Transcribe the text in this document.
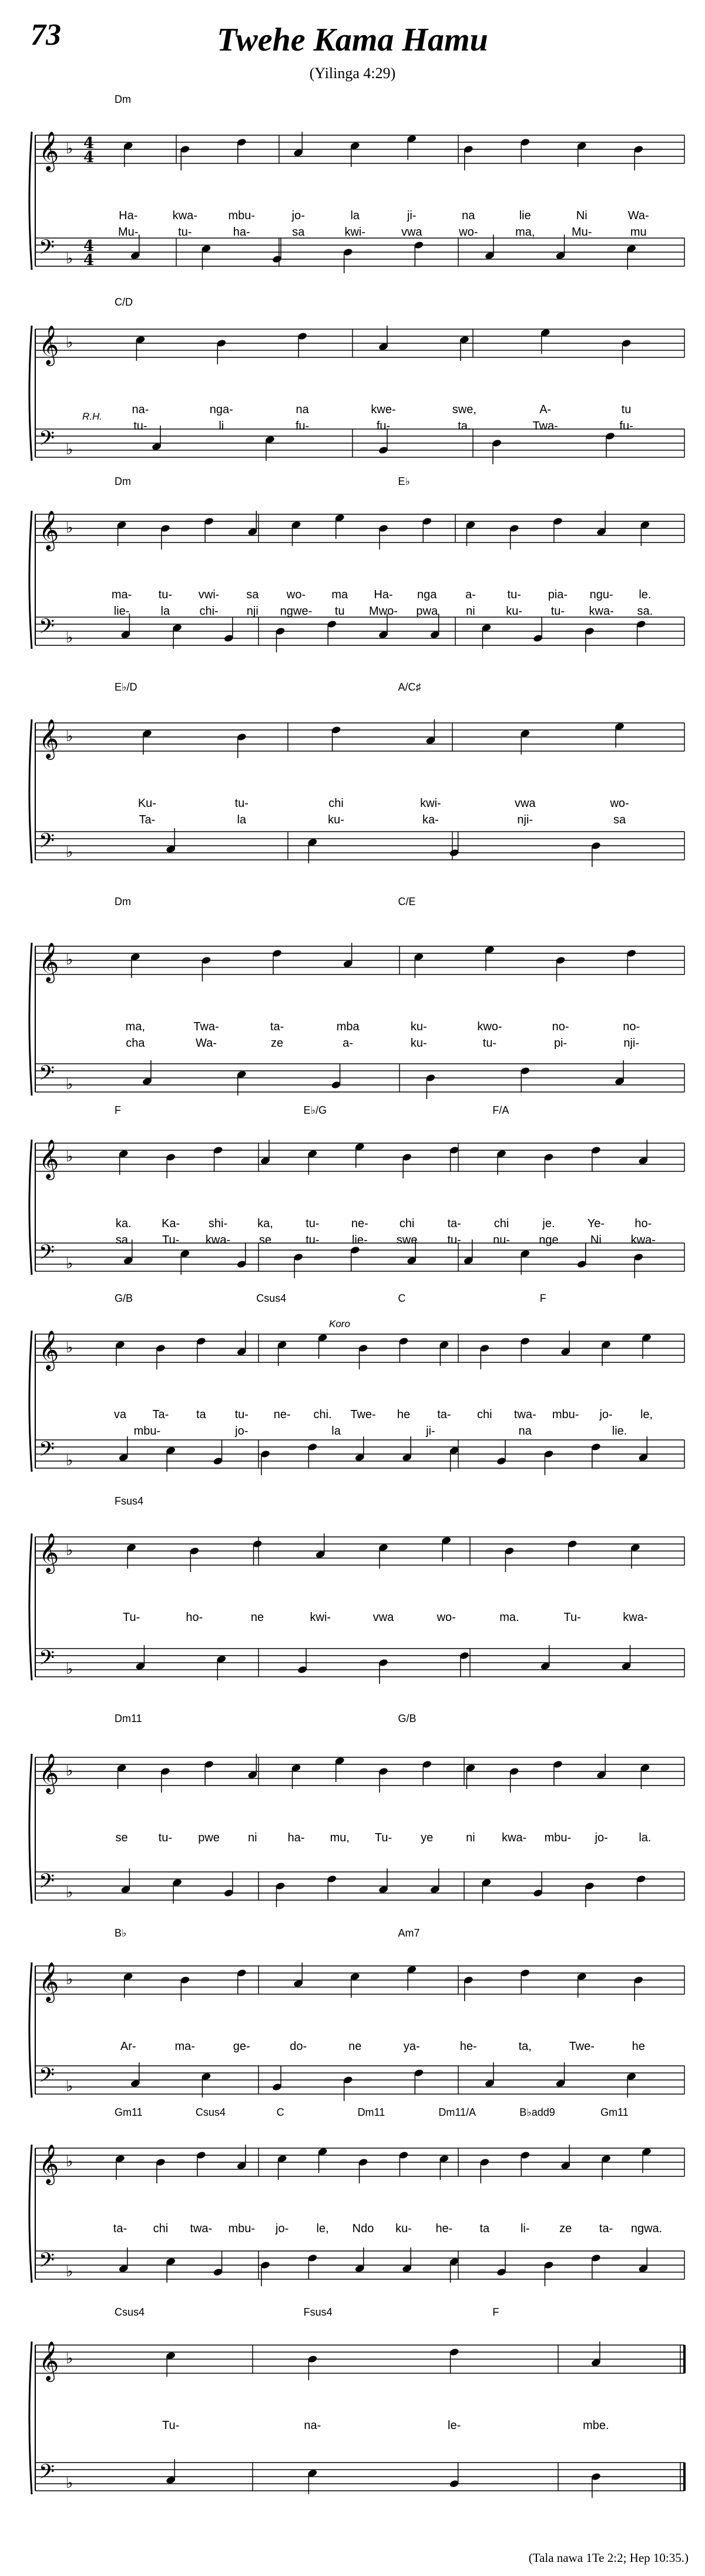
73	Twehe Kama Hamu
(Yilinga 4:29)
𝄞 ♭
𝄢 ♭
4
4
4
4
Dm
Ha-	kwa-	mbu-	jo-	la	ji-	na	lie	Ni	Wa-
Mu-	tu-	ha-	sa	kwi-	vwa	wo-	ma,	Mu-	mu
𝄞 ♭
𝄢 ♭
C/D
R.H.
na-	nga-	na	kwe-	swe,	A-	tu
tu-	li	fu-	fu-	ta.	Twa-	fu-
𝄞 ♭
𝄢 ♭
Dm	E♭
ma- tu- vwi- sa wo- ma Ha- nga a-	tu- pia- ngu- le.
lie-	la	chi- nji ngwe- tu Mwo- pwa ni	ku- tu- kwa- sa.
𝄞 ♭
𝄢 ♭
E♭/D	A/C♯
Ku-	tu-	chi	kwi-	vwa	wo-
Ta-	la	ku-	ka-	nji-	sa
𝄞 ♭
𝄢 ♭
Dm	C/E
ma,	Twa-	ta-	mba	ku-	kwo-	no-	no-
cha	Wa-	ze	a-	ku-	tu-	pi-	nji-
𝄞 ♭
𝄢 ♭
F	E♭/G	F/A
ka.	Ka- shi-	ka,	tu-	ne-	chi	ta-	chi	je.	Ye-	ho-
sa.	Tu- kwa- se	tu-	lie- swe	tu-	nu- nge	Ni kwa-
𝄞 ♭
𝄢 ♭
G/B	Csus4	C	F
Koro
va Ta- ta tu- ne- chi. Twe- he ta- chi twa- mbu- jo- le,
mbu-	jo-	la	ji-	na	lie.
𝄞 ♭
𝄢 ♭
Fsus4
Tu-	ho-	ne	kwi-	vwa	wo-	ma.	Tu-	kwa-
𝄞 ♭
𝄢 ♭
Dm11	G/B
se	tu- pwe ni	ha- mu, Tu- ye	ni kwa- mbu- jo-	la.
𝄞 ♭
𝄢 ♭
B♭	Am7
Ar-	ma-	ge-	do-	ne	ya-	he-	ta,	Twe-	he
𝄞 ♭
𝄢 ♭
Gm11	Csus4	C	Dm11	Dm11/A	B♭add9	Gm11
ta- chi twa- mbu- jo- le, Ndo ku- he- ta	li-	ze ta- ngwa.
𝄞 ♭
𝄢 ♭
Csus4	Fsus4	F
Tu-	na-	le-	mbe.
(Tala nawa 1Te 2:2; Hep 10:35.)
